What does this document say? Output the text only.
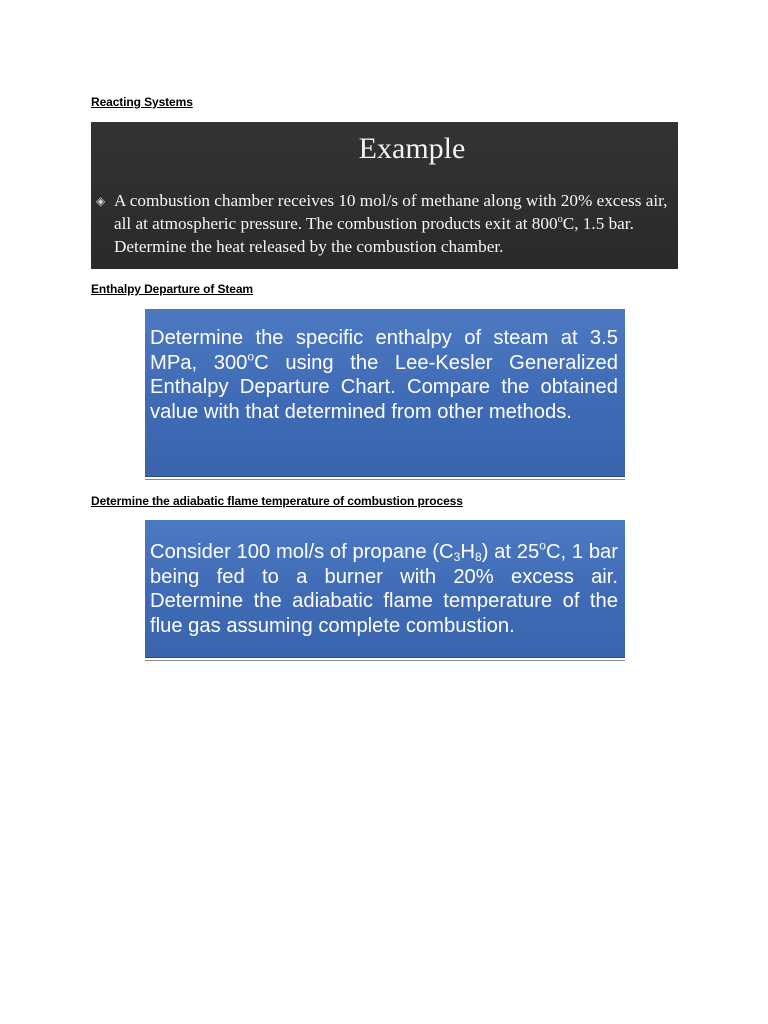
Reacting Systems
Example
◈ A combustion chamber receives 10 mol/s of methane along with 20% excess air, all at atmospheric pressure. The combustion products exit at 800$^o$C, 1.5 bar. Determine the heat released by the combustion chamber.
Enthalpy Departure of Steam
Determine the specific enthalpy of steam at 3.5 MPa, 300$^o$C using the Lee-Kesler Generalized Enthalpy Departure Chart. Compare the obtained value with that determined from other methods.
Determine the adiabatic flame temperature of combustion process
Consider 100 mol/s of propane $(C_3H_8)$ at 25$^o$C, 1 bar being fed to a burner with 20% excess air. Determine the adiabatic flame temperature of the flue gas assuming complete combustion.
